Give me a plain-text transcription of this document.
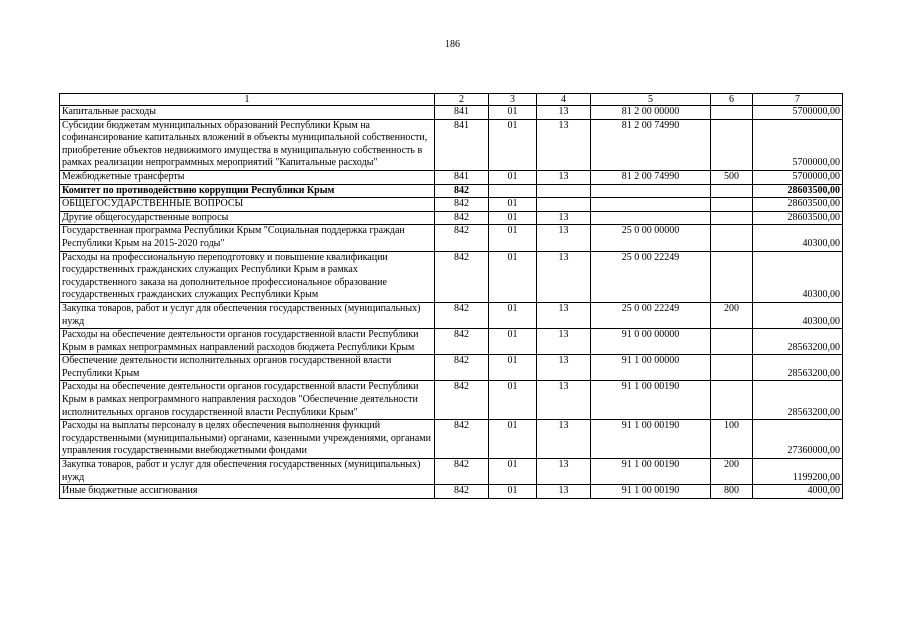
186
1	2	3	4	5	6	7
Капитальные расходы	841	01	13	81 2 00 00000		5700000,00
Субсидии бюджетам муниципальных образований Республики Крым на софинансирование капитальных вложений в объекты муниципальной собственности, приобретение объектов недвижимого имущества в муниципальную собственность в рамках реализации непрограммных мероприятий "Капитальные расходы"	841	01	13	81 2 00 74990		5700000,00
Межбюджетные трансферты	841	01	13	81 2 00 74990	500	5700000,00
Комитет по противодействию коррупции Республики Крым	842					28603500,00
ОБЩЕГОСУДАРСТВЕННЫЕ ВОПРОСЫ	842	01				28603500,00
Другие общегосударственные вопросы	842	01	13			28603500,00
Государственная программа Республики Крым "Социальная поддержка граждан Республики Крым на 2015-2020 годы"	842	01	13	25 0 00 00000		40300,00
Расходы на профессиональную переподготовку и повышение квалификации государственных гражданских служащих Республики Крым в рамках государственного заказа на дополнительное профессиональное образование государственных гражданских служащих Республики Крым	842	01	13	25 0 00 22249		40300,00
Закупка товаров, работ и услуг для обеспечения государственных (муниципальных) нужд	842	01	13	25 0 00 22249	200	40300,00
Расходы на обеспечение деятельности органов государственной власти Республики Крым в рамках непрограммных направлений расходов бюджета Республики Крым	842	01	13	91 0 00 00000		28563200,00
Обеспечение деятельности исполнительных органов государственной власти Республики Крым	842	01	13	91 1 00 00000		28563200,00
Расходы на обеспечение деятельности органов государственной власти Республики Крым в рамках непрограммного направления расходов "Обеспечение деятельности исполнительных органов государственной власти Республики Крым"	842	01	13	91 1 00 00190		28563200,00
Расходы на выплаты персоналу в целях обеспечения выполнения функций государственными (муниципальными) органами, казенными учреждениями, органами управления государственными внебюджетными фондами	842	01	13	91 1 00 00190	100	27360000,00
Закупка товаров, работ и услуг для обеспечения государственных (муниципальных) нужд	842	01	13	91 1 00 00190	200	1199200,00
Иные бюджетные ассигнования	842	01	13	91 1 00 00190	800	4000,00
